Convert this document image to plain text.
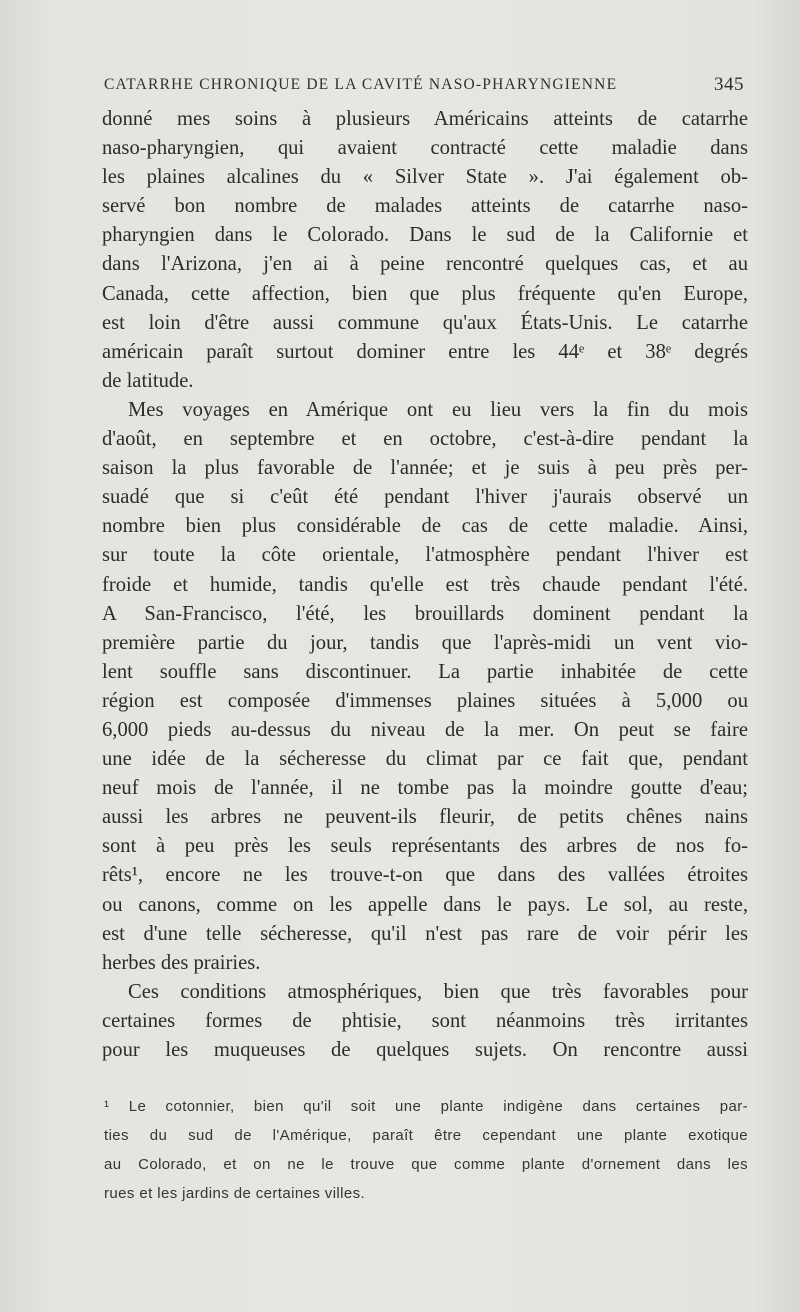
CATARRHE CHRONIQUE DE LA CAVITÉ NASO-PHARYNGIENNE	345
donné mes soins à plusieurs Américains atteints de catarrhe
naso-pharyngien, qui avaient contracté cette maladie dans
les plaines alcalines du « Silver State ». J'ai également ob-
servé bon nombre de malades atteints de catarrhe naso-
pharyngien dans le Colorado. Dans le sud de la Californie et
dans l'Arizona, j'en ai à peine rencontré quelques cas, et au
Canada, cette affection, bien que plus fréquente qu'en Europe,
est loin d'être aussi commune qu'aux États-Unis. Le catarrhe
américain paraît surtout dominer entre les 44ᵉ et 38ᵉ degrés
de latitude.
Mes voyages en Amérique ont eu lieu vers la fin du mois
d'août, en septembre et en octobre, c'est-à-dire pendant la
saison la plus favorable de l'année; et je suis à peu près per-
suadé que si c'eût été pendant l'hiver j'aurais observé un
nombre bien plus considérable de cas de cette maladie. Ainsi,
sur toute la côte orientale, l'atmosphère pendant l'hiver est
froide et humide, tandis qu'elle est très chaude pendant l'été.
A San-Francisco, l'été, les brouillards dominent pendant la
première partie du jour, tandis que l'après-midi un vent vio-
lent souffle sans discontinuer. La partie inhabitée de cette
région est composée d'immenses plaines situées à 5,000 ou
6,000 pieds au-dessus du niveau de la mer. On peut se faire
une idée de la sécheresse du climat par ce fait que, pendant
neuf mois de l'année, il ne tombe pas la moindre goutte d'eau;
aussi les arbres ne peuvent-ils fleurir, de petits chênes nains
sont à peu près les seuls représentants des arbres de nos fo-
rêts¹, encore ne les trouve-t-on que dans des vallées étroites
ou canons, comme on les appelle dans le pays. Le sol, au reste,
est d'une telle sécheresse, qu'il n'est pas rare de voir périr les
herbes des prairies.
Ces conditions atmosphériques, bien que très favorables pour
certaines formes de phtisie, sont néanmoins très irritantes
pour les muqueuses de quelques sujets. On rencontre aussi
¹ Le cotonnier, bien qu'il soit une plante indigène dans certaines par-
ties du sud de l'Amérique, paraît être cependant une plante exotique
au Colorado, et on ne le trouve que comme plante d'ornement dans les
rues et les jardins de certaines villes.
